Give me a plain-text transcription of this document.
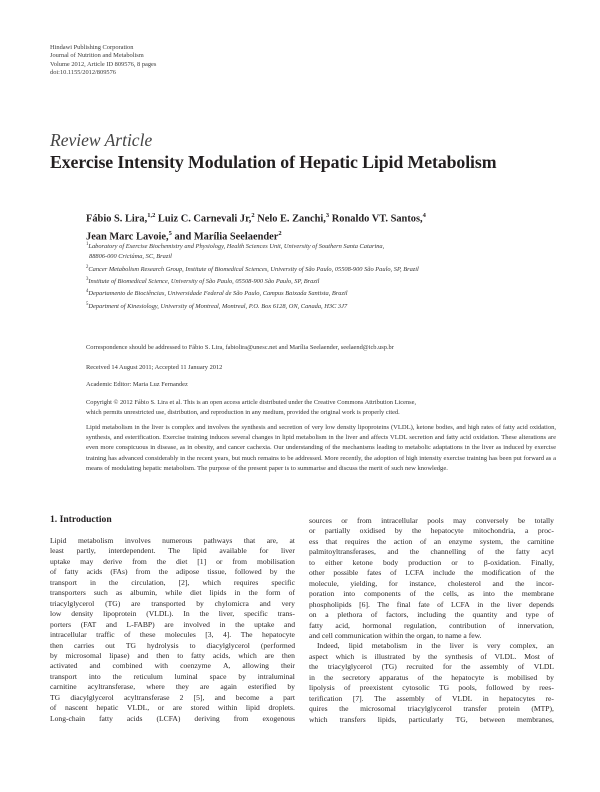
Hindawi Publishing Corporation
Journal of Nutrition and Metabolism
Volume 2012, Article ID 809576, 8 pages
doi:10.1155/2012/809576
Review Article
Exercise Intensity Modulation of Hepatic Lipid Metabolism
Fábio S. Lira,$^{1,2}$ Luiz C. Carnevali Jr,$^2$ Nelo E. Zanchi,$^3$ Ronaldo VT. Santos,$^4$
Jean Marc Lavoie,$^5$ and Marília Seelaender$^2$
$^1$Laboratory of Exercise Biochemistry and Physiology, Health Sciences Unit, University of Southern Santa Catarina,
88806-000 Criciúma, SC, Brazil
$^2$Cancer Metabolism Research Group, Institute of Biomedical Sciences, University of São Paulo, 05508-900 São Paulo, SP, Brazil
$^3$Institute of Biomedical Science, University of São Paulo, 05508-900 São Paulo, SP, Brazil
$^4$Departamento de Biociências, Universidade Federal de São Paulo, Campus Baixada Santista, Brazil
$^5$Department of Kinesiology, University of Montreal, Montreal, P.O. Box 6128, ON, Canada, H3C 3J7
Correspondence should be addressed to Fábio S. Lira, fabiolira@unesc.net and Marília Seelaender, seelaend@icb.usp.br
Received 14 August 2011; Accepted 11 January 2012
Academic Editor: Maria Luz Fernandez
Copyright © 2012 Fábio S. Lira et al. This is an open access article distributed under the Creative Commons Attribution License,
which permits unrestricted use, distribution, and reproduction in any medium, provided the original work is properly cited.
Lipid metabolism in the liver is complex and involves the synthesis and secretion of very low density lipoproteins (VLDL), ketone bodies, and high rates of fatty acid oxidation, synthesis, and esterification. Exercise training induces several changes in lipid metabolism in the liver and affects VLDL secretion and fatty acid oxidation. These alterations are even more conspicuous in disease, as in obesity, and cancer cachexia. Our understanding of the mechanisms leading to metabolic adaptations in the liver as induced by exercise training has advanced considerably in the recent years, but much remains to be addressed. More recently, the adoption of high intensity exercise training has been put forward as a means of modulating hepatic metabolism. The purpose of the present paper is to summarise and discuss the merit of such new knowledge.
1. Introduction
Lipid metabolism involves numerous pathways that are, at
least partly, interdependent. The lipid available for liver
uptake may derive from the diet [1] or from mobilisation
of fatty acids (FAs) from the adipose tissue, followed by the
transport in the circulation, [2], which requires specific
transporters such as albumin, while diet lipids in the form of
triacylglycerol (TG) are transported by chylomicra and very
low density lipoprotein (VLDL). In the liver, specific trans-
porters (FAT and L-FABP) are involved in the uptake and
intracellular traffic of these molecules [3, 4]. The hepatocyte
then carries out TG hydrolysis to diacylglycerol (performed
by microsomal lipase) and then to fatty acids, which are then
activated and combined with coenzyme A, allowing their
transport into the reticulum luminal space by intraluminal
carnitine acyltransferase, where they are again esterified by
TG diacylglycerol acyltransferase 2 [5], and become a part
of nascent hepatic VLDL, or are stored within lipid droplets.
Long-chain fatty acids (LCFA) deriving from exogenous
sources or from intracellular pools may conversely be totally
or partially oxidised by the hepatocyte mitochondria, a proc-
ess that requires the action of an enzyme system, the carnitine
palmitoyltransferases, and the channelling of the fatty acyl
to either ketone body production or to β-oxidation. Finally,
other possible fates of LCFA include the modification of the
molecule, yielding, for instance, cholesterol and the incor-
poration into components of the cells, as into the membrane
phospholipids [6]. The final fate of LCFA in the liver depends
on a plethora of factors, including the quantity and type of
fatty acid, hormonal regulation, contribution of innervation,
and cell communication within the organ, to name a few.
Indeed, lipid metabolism in the liver is very complex, an
aspect which is illustrated by the synthesis of VLDL. Most of
the triacylglycerol (TG) recruited for the assembly of VLDL
in the secretory apparatus of the hepatocyte is mobilised by
lipolysis of preexistent cytosolic TG pools, followed by rees-
terification [7]. The assembly of VLDL in hepatocytes re-
quires the microsomal triacylglycerol transfer protein (MTP),
which transfers lipids, particularly TG, between membranes,
